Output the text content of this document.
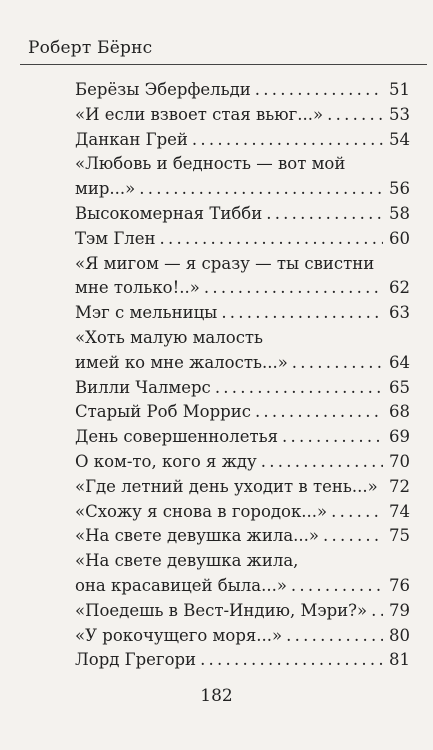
Роберт Бёрнс
Берёзы Эберфельди . . .	51
«И если взвоет стая вьюг...» . . .	53
Данкан Грей . . .	54
«Любовь и бедность — вот мой
мир...» . . .	56
Высокомерная Тибби . . .	58
Тэм Глен . . .	60
«Я мигом — я сразу — ты свистни
мне только!..» . . .	62
Мэг с мельницы . . .	63
«Хоть малую малость
имей ко мне жалость...» . . .	64
Вилли Чалмерс . . .	65
Старый Роб Моррис . . .	68
День совершеннолетья . . .	69
О ком-то, кого я жду . . .	70
«Где летний день уходит в тень...» . . . 72
«Схожу я снова в городок...» . . .	74
«На свете девушка жила...» . . .	75
«На свете девушка жила,
она красавицей была...» . . .	76
«Поедешь в Вест-Индию, Мэри?» . . . 79
«У рокочущего моря...» . . .	80
Лорд Грегори . . .	81
182
